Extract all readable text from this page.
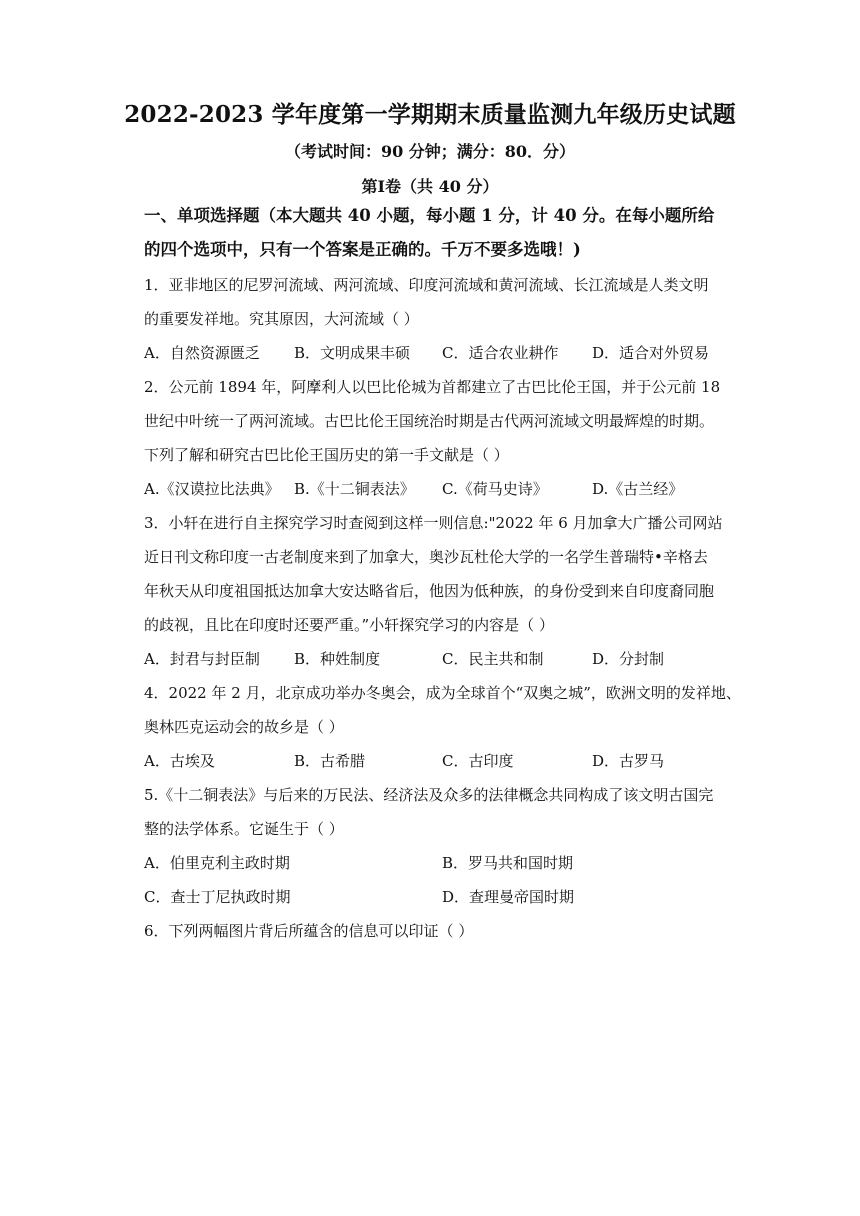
2022-2023 学年度第一学期期末质量监测九年级历史试题
（考试时间：90 分钟；满分：80．分）
第Ⅰ卷（共 40 分）
一、单项选择题（本大题共 40 小题，每小题 1 分，计 40 分。在每小题所给
的四个选项中，只有一个答案是正确的。千万不要多选哦！)
1．亚非地区的尼罗河流域、两河流域、印度河流域和黄河流域、长江流域是人类文明
的重要发祥地。究其原因，大河流域（ ）
A．自然资源匮乏 B．文明成果丰硕 C．适合农业耕作 D．适合对外贸易
2．公元前 1894 年，阿摩利人以巴比伦城为首都建立了古巴比伦王国，并于公元前 18
世纪中叶统一了两河流域。古巴比伦王国统治时期是古代两河流域文明最辉煌的时期。
下列了解和研究古巴比伦王国历史的第一手文献是（ ）
A.《汉谟拉比法典》 B.《十二铜表法》 C.《荷马史诗》	D.《古兰经》
3．小轩在进行自主探究学习时查阅到这样一则信息:"2022 年 6 月加拿大广播公司网站
近日刊文称印度一古老制度来到了加拿大，奥沙瓦杜伦大学的一名学生普瑞特•辛格去
年秋天从印度祖国抵达加拿大安达略省后，他因为低种族，的身份受到来自印度裔同胞
的歧视，且比在印度时还要严重。”小轩探究学习的内容是（ ）
A．封君与封臣制 B．种姓制度	C．民主共和制	D．分封制
4．2022 年 2 月，北京成功举办冬奥会，成为全球首个“双奥之城”，欧洲文明的发祥地、
奥林匹克运动会的故乡是（ ）
A．古埃及	B．古希腊	C．古印度	D．古罗马
5.《十二铜表法》与后来的万民法、经济法及众多的法律概念共同构成了该文明古国完
整的法学体系。它诞生于（ ）
A．伯里克利主政时期	B．罗马共和国时期
C．查士丁尼执政时期	D．查理曼帝国时期
6．下列两幅图片背后所蕴含的信息可以印证（ ）
